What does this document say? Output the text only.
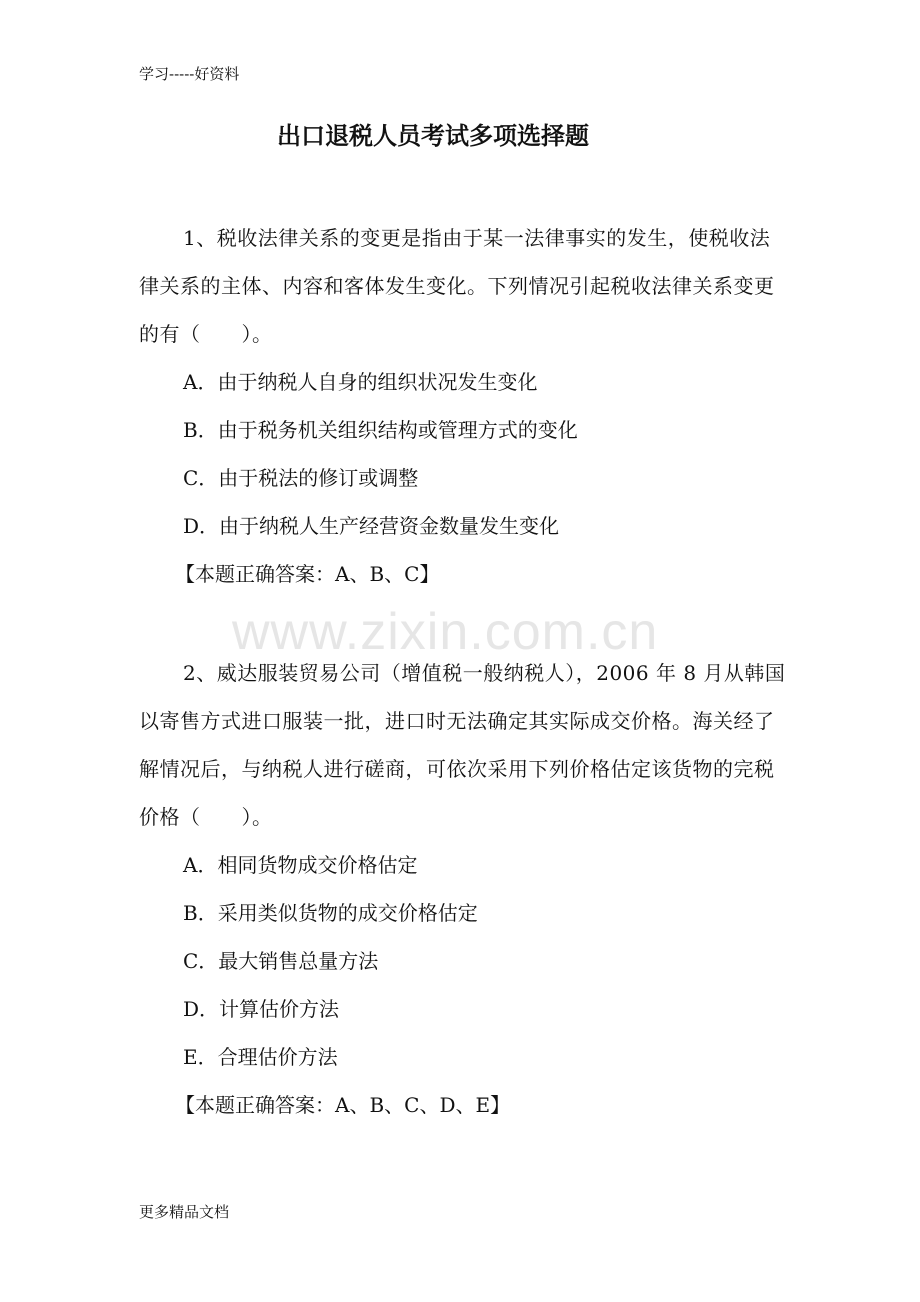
学习-----好资料
出口退税人员考试多项选择题
www.zixin.com.cn

1、税收法律关系的变更是指由于某一法律事实的发生，使税收法律关系的主体、内容和客体发生变化。下列情况引起税收法律关系变更的有（　　）。

A．由于纳税人自身的组织状况发生变化

B．由于税务机关组织结构或管理方式的变化

C．由于税法的修订或调整

D．由于纳税人生产经营资金数量发生变化

【本题正确答案：A、B、C】

2、威达服装贸易公司（增值税一般纳税人），2006 年 8 月从韩国以寄售方式进口服装一批，进口时无法确定其实际成交价格。海关经了解情况后，与纳税人进行磋商，可依次采用下列价格估定该货物的完税价格（　　）。

A．相同货物成交价格估定

B．采用类似货物的成交价格估定

C．最大销售总量方法

D．计算估价方法

E．合理估价方法

【本题正确答案：A、B、C、D、E】

更多精品文档
